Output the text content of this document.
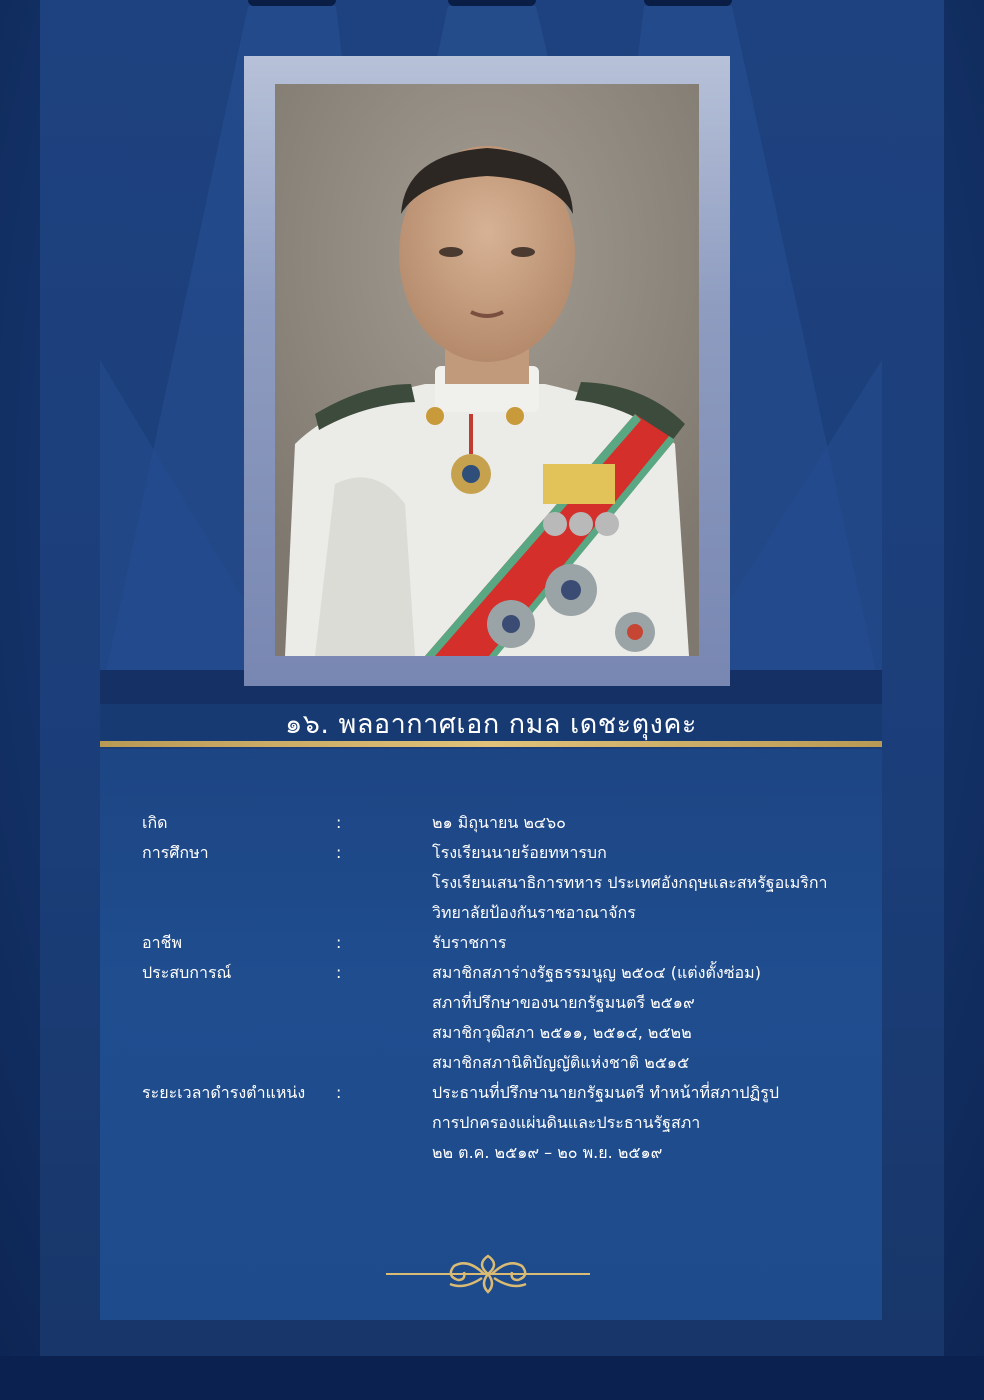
๑๖. พลอากาศเอก กมล เดชะตุงคะ
เกิด	:	๒๑ มิถุนายน ๒๔๖๐
การศึกษา	:	โรงเรียนนายร้อยทหารบก
โรงเรียนเสนาธิการทหาร ประเทศอังกฤษและสหรัฐอเมริกา
วิทยาลัยป้องกันราชอาณาจักร
อาชีพ	:	รับราชการ
ประสบการณ์	:	สมาชิกสภาร่างรัฐธรรมนูญ ๒๕๐๔ (แต่งตั้งซ่อม)
สภาที่ปรึกษาของนายกรัฐมนตรี ๒๕๑๙
สมาชิกวุฒิสภา ๒๕๑๑, ๒๕๑๔, ๒๕๒๒
สมาชิกสภานิติบัญญัติแห่งชาติ ๒๕๑๕
ระยะเวลาดำรงตำแหน่ง :	ประธานที่ปรึกษานายกรัฐมนตรี ทำหน้าที่สภาปฏิรูป
การปกครองแผ่นดินและประธานรัฐสภา
๒๒ ต.ค. ๒๕๑๙ – ๒๐ พ.ย. ๒๕๑๙
